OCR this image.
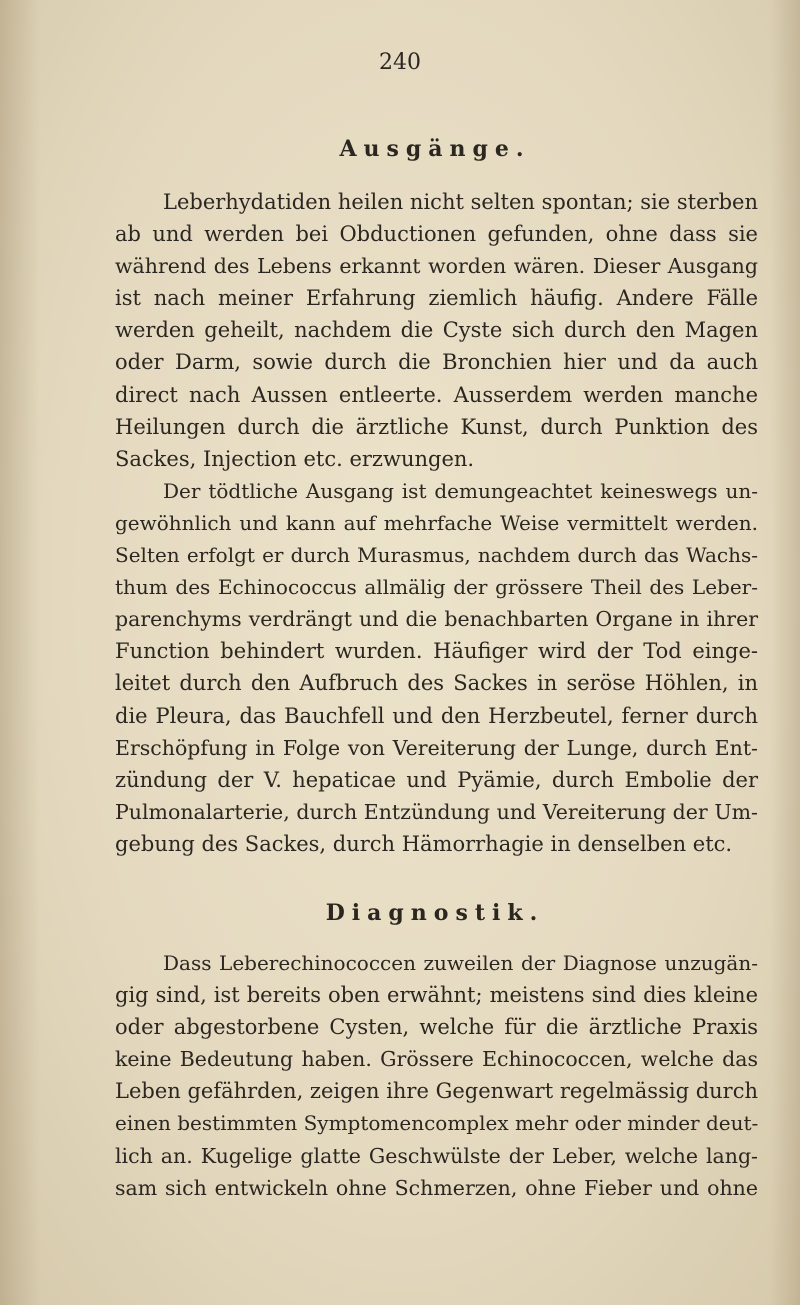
240
Ausgänge.
Leberhydatiden heilen nicht selten spontan; sie sterben
ab und werden bei Obductionen gefunden, ohne dass sie
während des Lebens erkannt worden wären. Dieser Ausgang
ist nach meiner Erfahrung ziemlich häufig. Andere Fälle
werden geheilt, nachdem die Cyste sich durch den Magen
oder Darm, sowie durch die Bronchien hier und da auch
direct nach Aussen entleerte. Ausserdem werden manche
Heilungen durch die ärztliche Kunst, durch Punktion des
Sackes, Injection etc. erzwungen.
Der tödtliche Ausgang ist demungeachtet keineswegs un-
gewöhnlich und kann auf mehrfache Weise vermittelt werden.
Selten erfolgt er durch Murasmus, nachdem durch das Wachs-
thum des Echinococcus allmälig der grössere Theil des Leber-
parenchyms verdrängt und die benachbarten Organe in ihrer
Function behindert wurden. Häufiger wird der Tod einge-
leitet durch den Aufbruch des Sackes in seröse Höhlen, in
die Pleura, das Bauchfell und den Herzbeutel, ferner durch
Erschöpfung in Folge von Vereiterung der Lunge, durch Ent-
zündung der V. hepaticae und Pyämie, durch Embolie der
Pulmonalarterie, durch Entzündung und Vereiterung der Um-
gebung des Sackes, durch Hämorrhagie in denselben etc.
Diagnostik.
Dass Leberechinococcen zuweilen der Diagnose unzugän-
gig sind, ist bereits oben erwähnt; meistens sind dies kleine
oder abgestorbene Cysten, welche für die ärztliche Praxis
keine Bedeutung haben. Grössere Echinococcen, welche das
Leben gefährden, zeigen ihre Gegenwart regelmässig durch
einen bestimmten Symptomencomplex mehr oder minder deut-
lich an. Kugelige glatte Geschwülste der Leber, welche lang-
sam sich entwickeln ohne Schmerzen, ohne Fieber und ohne
